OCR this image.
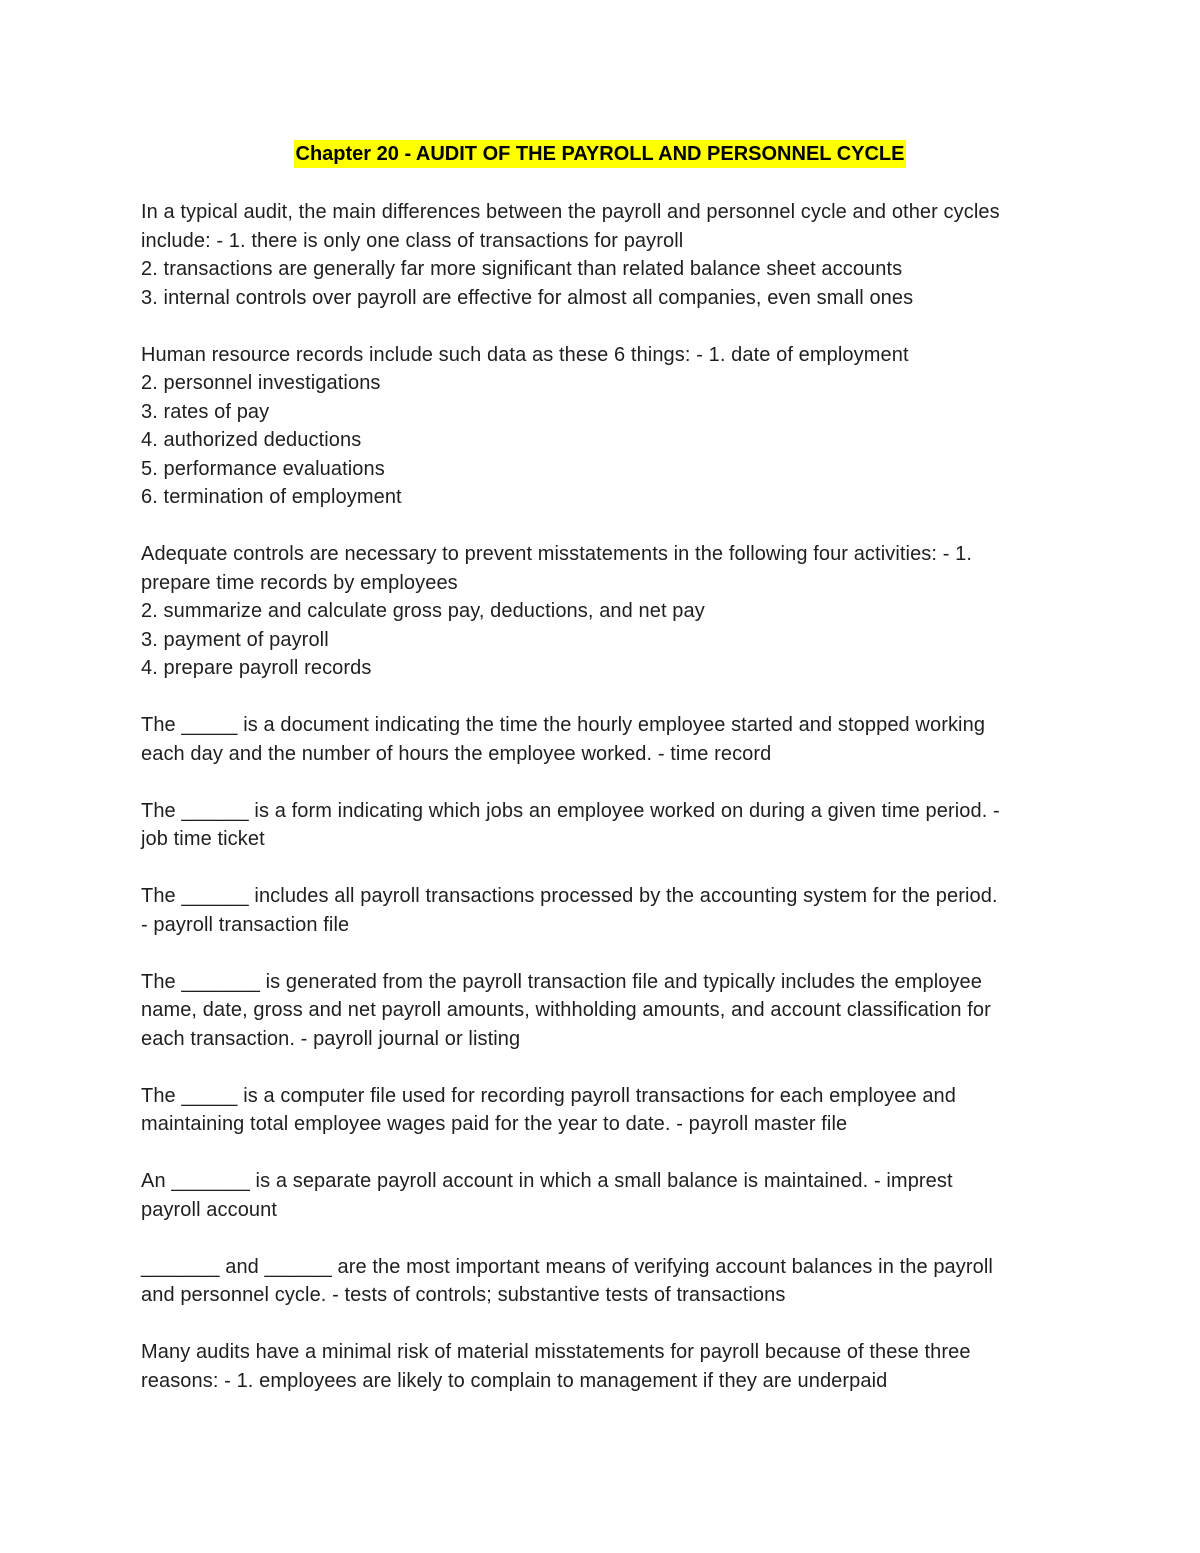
Chapter 20 - AUDIT OF THE PAYROLL AND PERSONNEL CYCLE
In a typical audit, the main differences between the payroll and personnel cycle and other cycles
include: - 1. there is only one class of transactions for payroll
2. transactions are generally far more significant than related balance sheet accounts
3. internal controls over payroll are effective for almost all companies, even small ones
Human resource records include such data as these 6 things: - 1. date of employment
2. personnel investigations
3. rates of pay
4. authorized deductions
5. performance evaluations
6. termination of employment
Adequate controls are necessary to prevent misstatements in the following four activities: - 1.
prepare time records by employees
2. summarize and calculate gross pay, deductions, and net pay
3. payment of payroll
4. prepare payroll records
The _____ is a document indicating the time the hourly employee started and stopped working
each day and the number of hours the employee worked. - time record
The ______ is a form indicating which jobs an employee worked on during a given time period. -
job time ticket
The ______ includes all payroll transactions processed by the accounting system for the period.
- payroll transaction file
The _______ is generated from the payroll transaction file and typically includes the employee
name, date, gross and net payroll amounts, withholding amounts, and account classification for
each transaction. - payroll journal or listing
The _____ is a computer file used for recording payroll transactions for each employee and
maintaining total employee wages paid for the year to date. - payroll master file
An _______ is a separate payroll account in which a small balance is maintained. - imprest
payroll account
_______ and ______ are the most important means of verifying account balances in the payroll
and personnel cycle. - tests of controls; substantive tests of transactions
Many audits have a minimal risk of material misstatements for payroll because of these three
reasons: - 1. employees are likely to complain to management if they are underpaid
